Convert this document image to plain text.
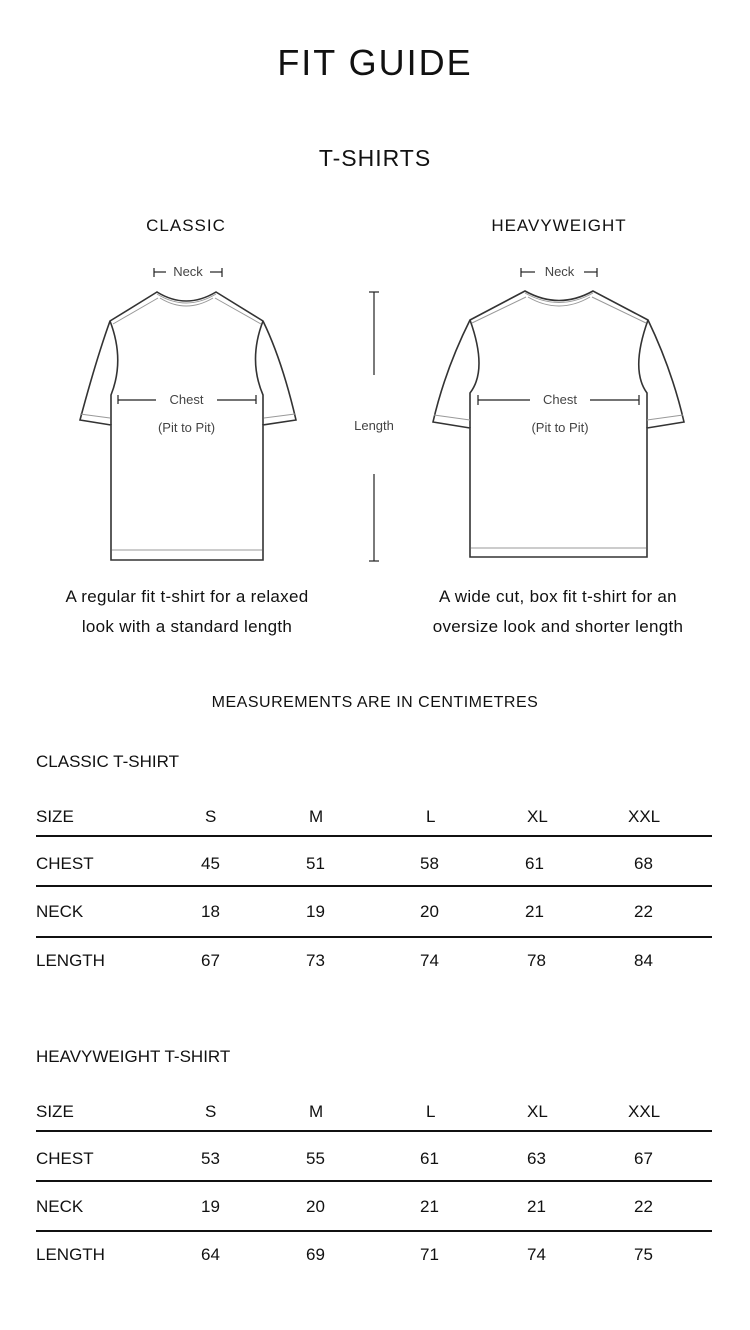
FIT GUIDE
T-SHIRTS
CLASSIC	HEAVYWEIGHT
Neck
Chest
(Pit to Pit)
Neck
Chest
(Pit to Pit)
Length
A regular fit t-shirt for a relaxed
look with a standard length
A wide cut, box fit t-shirt for an
oversize look and shorter length
MEASUREMENTS ARE IN CENTIMETRES
CLASSIC T-SHIRT
SIZE	S	M	L	XL	XXL
CHEST	45	51	58	61	68
NECK	18	19	20	21	22
LENGTH	67	73	74	78	84
HEAVYWEIGHT T-SHIRT
SIZE	S	M	L	XL	XXL
CHEST	53	55	61	63	67
NECK	19	20	21	21	22
LENGTH	64	69	71	74	75
